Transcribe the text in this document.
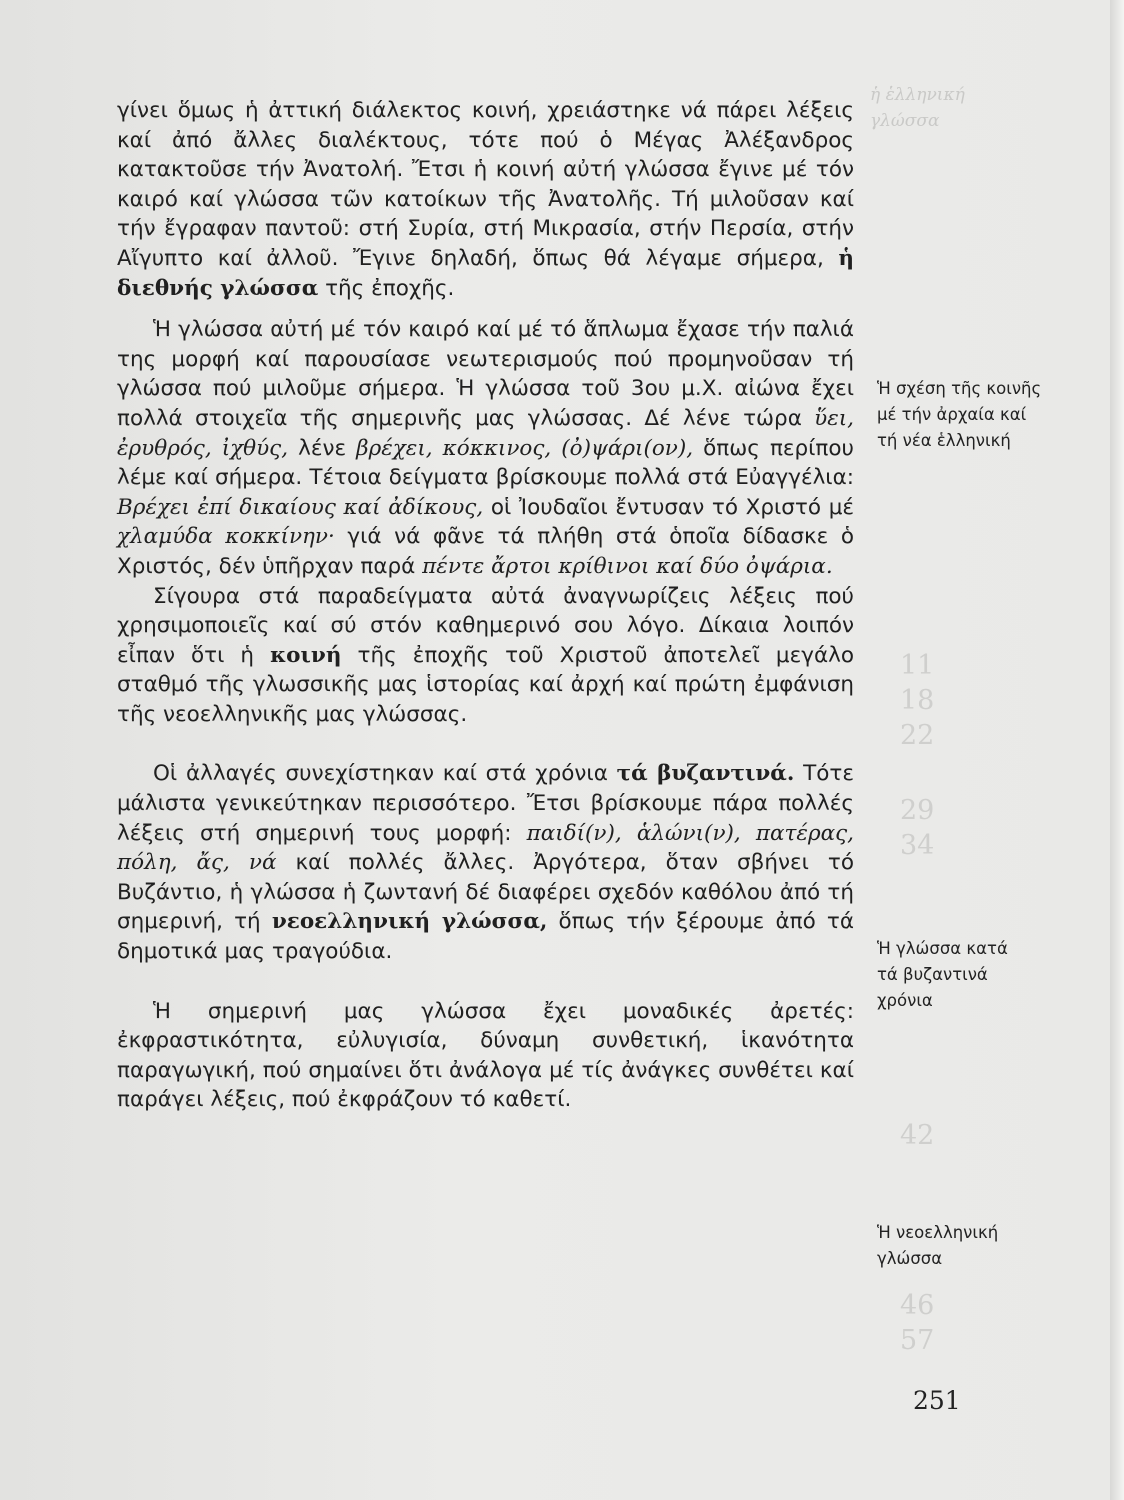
ἡ ἑλληνική
γλώσσα
11
18
22
29
34
42
46
57

γίνει ὅμως ἡ ἀττική διάλεκτος κοινή, χρειάστηκε νά πάρει λέξεις καί ἀπό ἄλλες διαλέκτους, τότε πού ὁ Μέγας Ἀλέξανδρος κατακτοῦσε τήν Ἀνατολή. Ἔτσι ἡ κοινή αὐτή γλώσσα ἔγινε μέ τόν καιρό καί γλώσσα τῶν κατοίκων τῆς Ἀνατολῆς. Τή μιλοῦσαν καί τήν ἔγραφαν παντοῦ: στή Συρία, στή Μικρασία, στήν Περσία, στήν Αἴγυπτο καί ἀλλοῦ. Ἔγινε δηλαδή, ὅπως θά λέγαμε σήμερα, ἡ διεθνής γλώσσα τῆς ἐποχῆς.

Ἡ γλώσσα αὐτή μέ τόν καιρό καί μέ τό ἅπλωμα ἔχασε τήν παλιά της μορφή καί παρουσίασε νεωτερισμούς πού προμηνοῦσαν τή γλώσσα πού μιλοῦμε σήμερα. Ἡ γλώσσα τοῦ 3ου μ.Χ. αἰώνα ἔχει πολλά στοιχεῖα τῆς σημερινῆς μας γλώσσας. Δέ λένε τώρα ὕει, ἐρυθρός, ἰχθύς, λένε βρέχει, κόκκινος, (ὀ)ψάρι(ον), ὅπως περίπου λέμε καί σήμερα. Τέτοια δείγματα βρίσκουμε πολλά στά Εὐαγγέλια: Βρέχει ἐπί δικαίους καί ἀδίκους, οἱ Ἰουδαῖοι ἔντυσαν τό Χριστό μέ χλαμύδα κοκκίνην· γιά νά φᾶνε τά πλήθη στά ὁποῖα δίδασκε ὁ Χριστός, δέν ὑπῆρχαν παρά πέντε ἄρτοι κρίθινοι καί δύο ὀψάρια.

Σίγουρα στά παραδείγματα αὐτά ἀναγνωρίζεις λέξεις πού χρησιμοποιεῖς καί σύ στόν καθημερινό σου λόγο. Δίκαια λοιπόν εἶπαν ὅτι ἡ κοινή τῆς ἐποχῆς τοῦ Χριστοῦ ἀποτελεῖ μεγάλο σταθμό τῆς γλωσσικῆς μας ἱστορίας καί ἀρχή καί πρώτη ἐμφάνιση τῆς νεοελληνικῆς μας γλώσσας.

Οἱ ἀλλαγές συνεχίστηκαν καί στά χρόνια τά βυζαντινά. Τότε μάλιστα γενικεύτηκαν περισσότερο. Ἔτσι βρίσκουμε πάρα πολλές λέξεις στή σημερινή τους μορφή: παιδί(ν), ἁλώνι(ν), πατέρας, πόλη, ἄς, νά καί πολλές ἄλλες. Ἀργότερα, ὅταν σβήνει τό Βυζάντιο, ἡ γλώσσα ἡ ζωντανή δέ διαφέρει σχεδόν καθόλου ἀπό τή σημερινή, τή νεοελληνική γλώσσα, ὅπως τήν ξέρουμε ἀπό τά δημοτικά μας τραγούδια.

Ἡ σημερινή μας γλώσσα ἔχει μοναδικές ἀρετές: ἐκφραστικότητα, εὐλυγισία, δύναμη συνθετική, ἱκανότητα παραγωγική, πού σημαίνει ὅτι ἀνάλογα μέ τίς ἀνάγκες συνθέτει καί παράγει λέξεις, πού ἐκφράζουν τό καθετί.

Ἡ σχέση τῆς κοινῆς μέ τήν ἀρχαία καί τή νέα ἑλληνική
Ἡ γλώσσα κατά τά βυζαντινά χρόνια
Ἡ νεοελληνική γλώσσα
251
